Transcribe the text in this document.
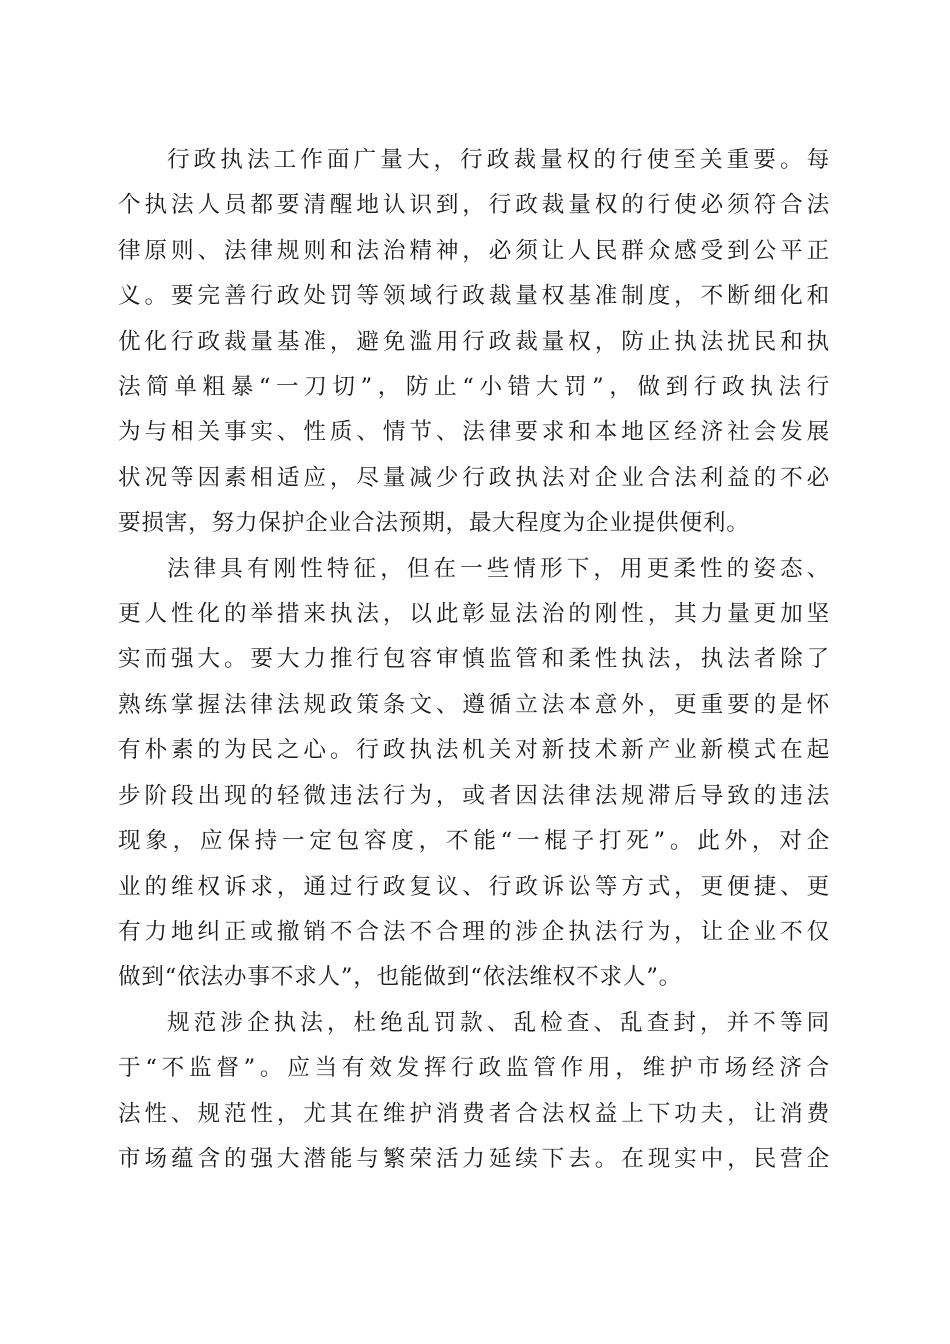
行政执法工作面广量大，行政裁量权的行使至关重要。每
个执法人员都要清醒地认识到，行政裁量权的行使必须符合法
律原则、法律规则和法治精神，必须让人民群众感受到公平正
义。要完善行政处罚等领域行政裁量权基准制度，不断细化和
优化行政裁量基准，避免滥用行政裁量权，防止执法扰民和执
法简单粗暴“一刀切”，防止“小错大罚”，做到行政执法行
为与相关事实、性质、情节、法律要求和本地区经济社会发展
状况等因素相适应，尽量减少行政执法对企业合法利益的不必
要损害，努力保护企业合法预期，最大程度为企业提供便利。
法律具有刚性特征，但在一些情形下，用更柔性的姿态、
更人性化的举措来执法，以此彰显法治的刚性，其力量更加坚
实而强大。要大力推行包容审慎监管和柔性执法，执法者除了
熟练掌握法律法规政策条文、遵循立法本意外，更重要的是怀
有朴素的为民之心。行政执法机关对新技术新产业新模式在起
步阶段出现的轻微违法行为，或者因法律法规滞后导致的违法
现象，应保持一定包容度，不能“一棍子打死”。此外，对企
业的维权诉求，通过行政复议、行政诉讼等方式，更便捷、更
有力地纠正或撤销不合法不合理的涉企执法行为，让企业不仅
做到“依法办事不求人”，也能做到“依法维权不求人”。
规范涉企执法，杜绝乱罚款、乱检查、乱查封，并不等同
于“不监督”。应当有效发挥行政监管作用，维护市场经济合
法性、规范性，尤其在维护消费者合法权益上下功夫，让消费
市场蕴含的强大潜能与繁荣活力延续下去。在现实中，民营企
